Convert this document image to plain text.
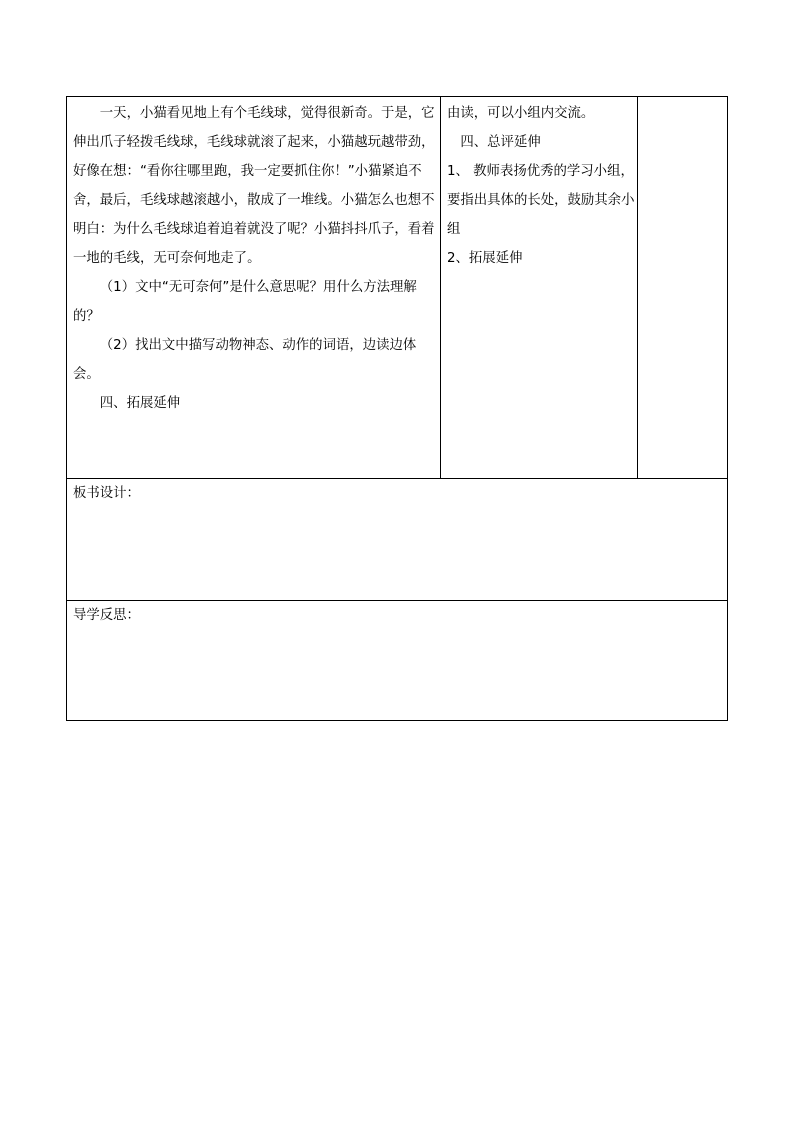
一天，小猫看见地上有个毛线球，觉得很新奇。于是，它伸出爪子轻拨毛线球，毛线球就滚了起来，小猫越玩越带劲，好像在想：“看你往哪里跑，我一定要抓住你！”小猫紧追不舍，最后，毛线球越滚越小，散成了一堆线。小猫怎么也想不明白：为什么毛线球追着追着就没了呢？小猫抖抖爪子，看着一地的毛线，无可奈何地走了。

（1）文中“无可奈何”是什么意思呢？用什么方法理解的？

（2）找出文中描写动物神态、动作的词语，边读边体会。

四、拓展延伸

由读，可以小组内交流。

四、总评延伸

1、 教师表扬优秀的学习小组，要指出具体的长处，鼓励其余小组

2、拓展延伸

板书设计：
导学反思：
